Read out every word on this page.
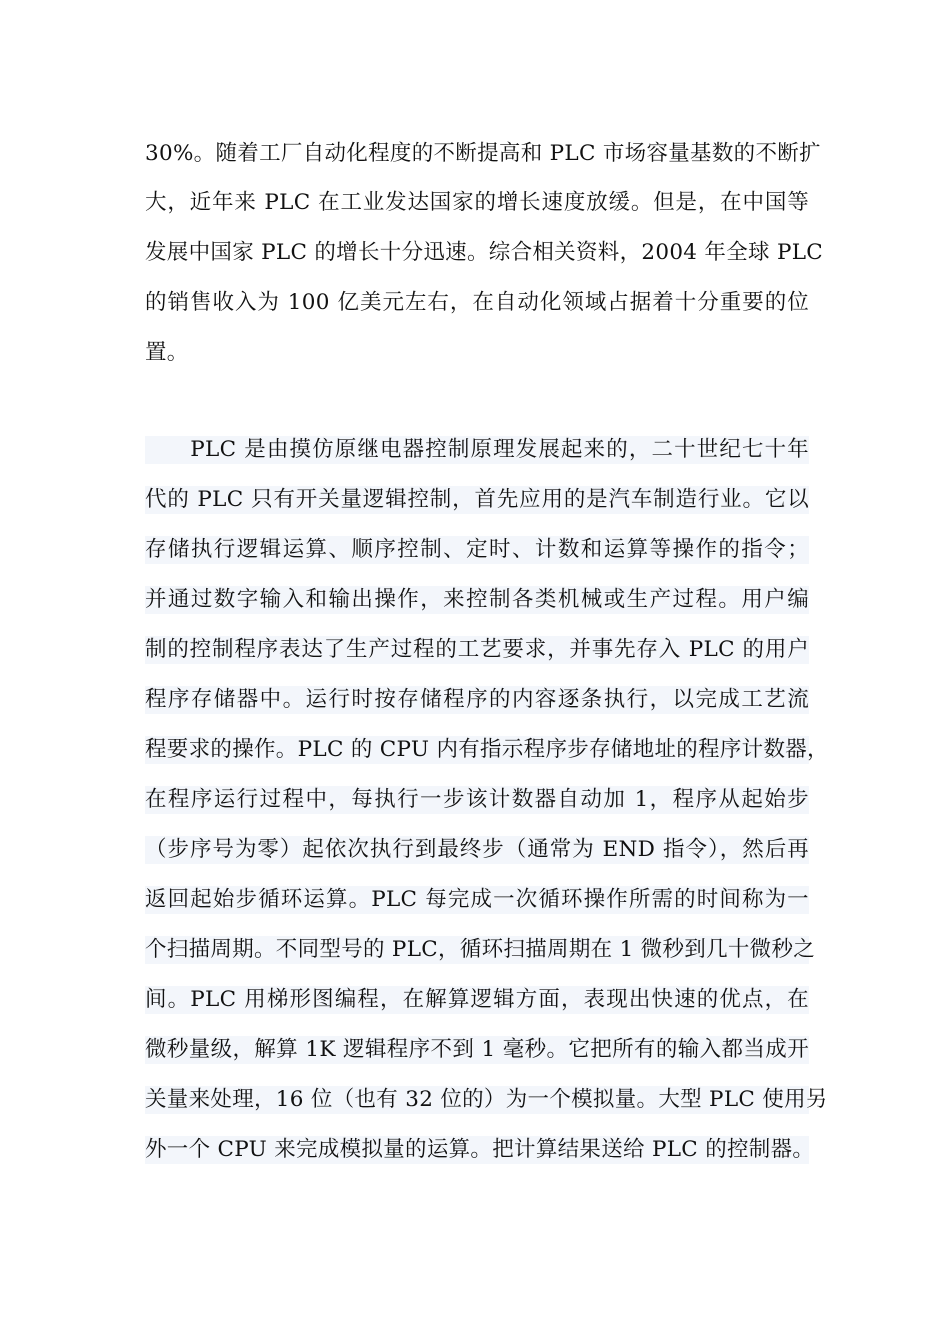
30%。随着工厂自动化程度的不断提高和 PLC 市场容量基数的不断扩
大，近年来 PLC 在工业发达国家的增长速度放缓。但是，在中国等
发展中国家 PLC 的增长十分迅速。综合相关资料，2004 年全球 PLC
的销售收入为 100 亿美元左右，在自动化领域占据着十分重要的位
置。
　　PLC 是由摸仿原继电器控制原理发展起来的，二十世纪七十年
代的 PLC 只有开关量逻辑控制，首先应用的是汽车制造行业。它以
存储执行逻辑运算、顺序控制、定时、计数和运算等操作的指令；
并通过数字输入和输出操作，来控制各类机械或生产过程。用户编
制的控制程序表达了生产过程的工艺要求，并事先存入 PLC 的用户
程序存储器中。运行时按存储程序的内容逐条执行，以完成工艺流
程要求的操作。PLC 的 CPU 内有指示程序步存储地址的程序计数器，
在程序运行过程中，每执行一步该计数器自动加 1，程序从起始步
（步序号为零）起依次执行到最终步（通常为 END 指令），然后再
返回起始步循环运算。PLC 每完成一次循环操作所需的时间称为一
个扫描周期。不同型号的 PLC，循环扫描周期在 1 微秒到几十微秒之
间。PLC 用梯形图编程，在解算逻辑方面，表现出快速的优点，在
微秒量级，解算 1K 逻辑程序不到 1 毫秒。它把所有的输入都当成开
关量来处理，16 位（也有 32 位的）为一个模拟量。大型 PLC 使用另
外一个 CPU 来完成模拟量的运算。把计算结果送给 PLC 的控制器。
